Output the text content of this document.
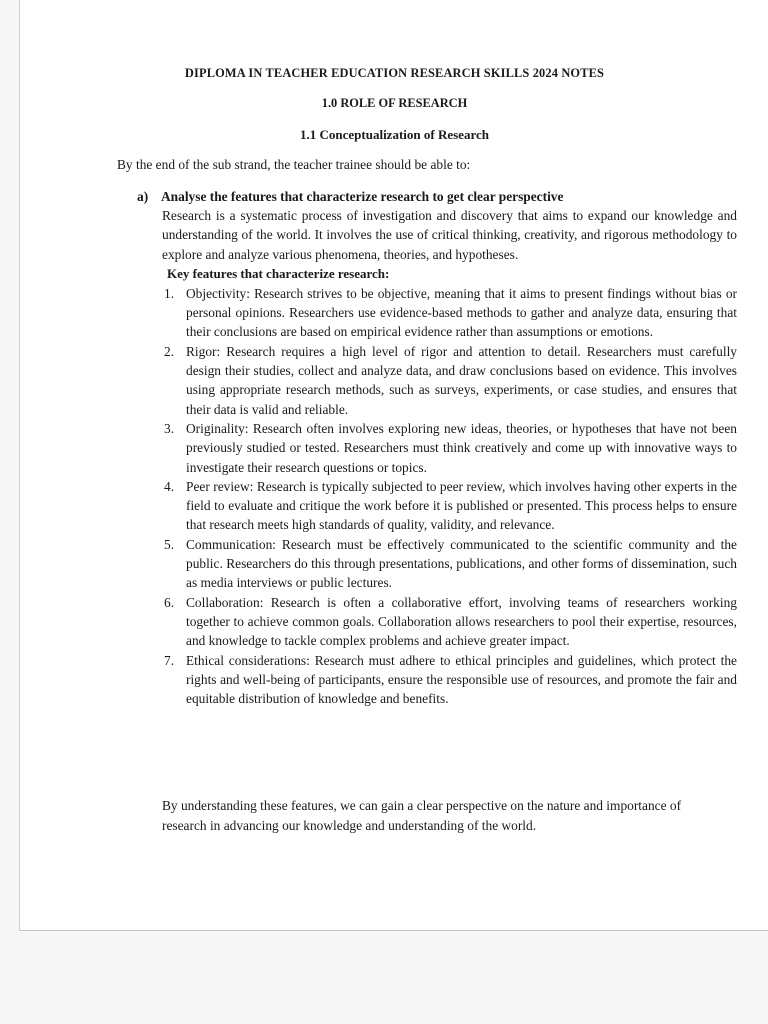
DIPLOMA IN TEACHER EDUCATION RESEARCH SKILLS 2024 NOTES
1.0 ROLE OF RESEARCH
1.1 Conceptualization of Research
By the end of the sub strand, the teacher trainee should be able to:
a) Analyse the features that characterize research to get clear perspective
Research is a systematic process of investigation and discovery that aims to expand our knowledge and understanding of the world. It involves the use of critical thinking, creativity, and rigorous methodology to explore and analyze various phenomena, theories, and hypotheses.
Key features that characterize research:
1. Objectivity: Research strives to be objective, meaning that it aims to present findings without bias or personal opinions. Researchers use evidence-based methods to gather and analyze data, ensuring that their conclusions are based on empirical evidence rather than assumptions or emotions.
2. Rigor: Research requires a high level of rigor and attention to detail. Researchers must carefully design their studies, collect and analyze data, and draw conclusions based on evidence. This involves using appropriate research methods, such as surveys, experiments, or case studies, and ensures that their data is valid and reliable.
3. Originality: Research often involves exploring new ideas, theories, or hypotheses that have not been previously studied or tested. Researchers must think creatively and come up with innovative ways to investigate their research questions or topics.
4. Peer review: Research is typically subjected to peer review, which involves having other experts in the field to evaluate and critique the work before it is published or presented. This process helps to ensure that research meets high standards of quality, validity, and relevance.
5. Communication: Research must be effectively communicated to the scientific community and the public. Researchers do this through presentations, publications, and other forms of dissemination, such as media interviews or public lectures.
6. Collaboration: Research is often a collaborative effort, involving teams of researchers working together to achieve common goals. Collaboration allows researchers to pool their expertise, resources, and knowledge to tackle complex problems and achieve greater impact.
7. Ethical considerations: Research must adhere to ethical principles and guidelines, which protect the rights and well-being of participants, ensure the responsible use of resources, and promote the fair and equitable distribution of knowledge and benefits.
By understanding these features, we can gain a clear perspective on the nature and importance of research in advancing our knowledge and understanding of the world.
